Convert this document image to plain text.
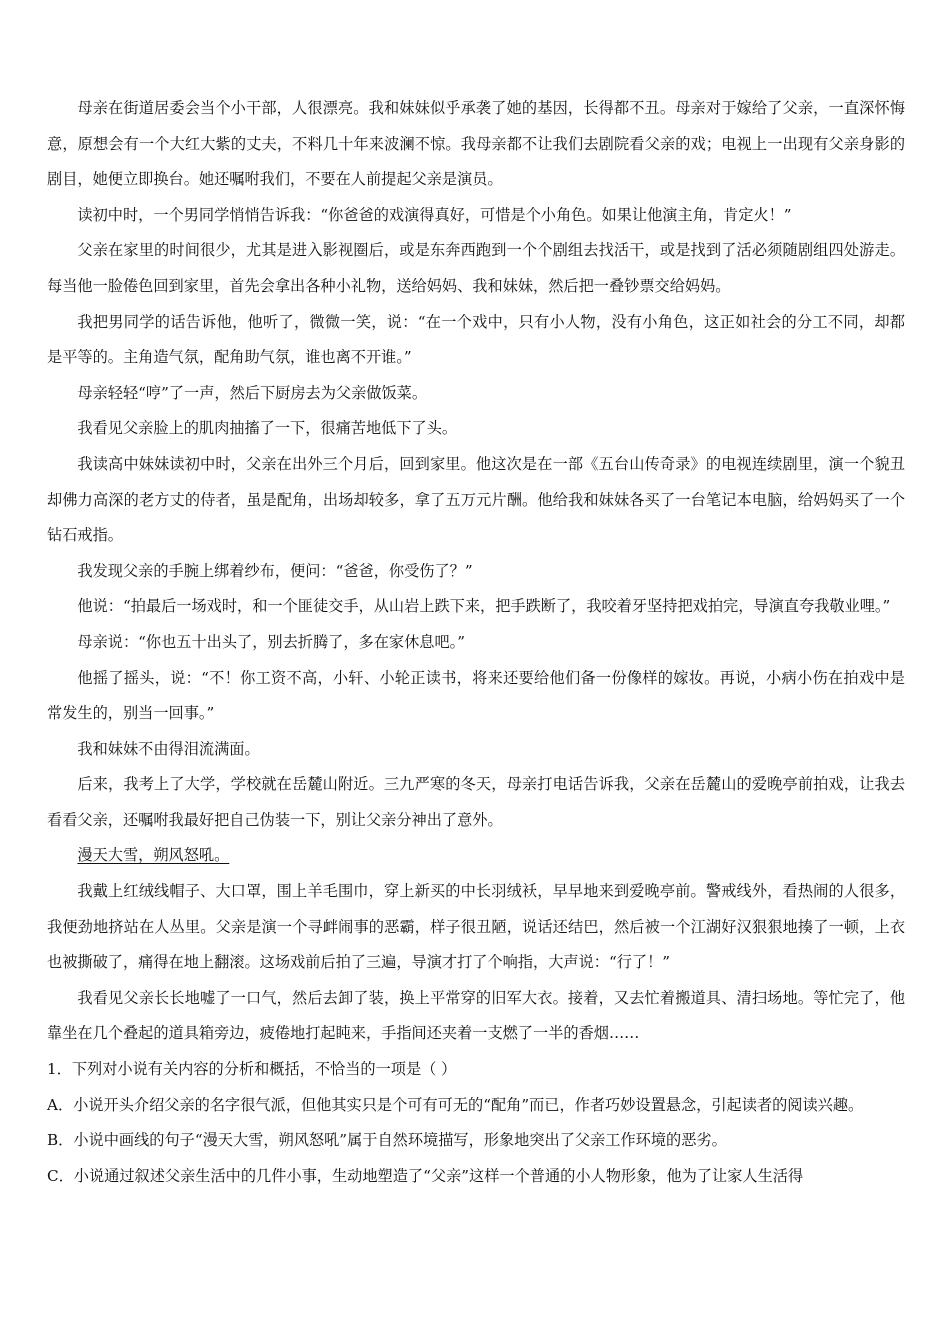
母亲在街道居委会当个小干部，人很漂亮。我和妹妹似乎承袭了她的基因，长得都不丑。母亲对于嫁给了父亲，一直深怀悔意，原想会有一个大红大紫的丈夫，不料几十年来波澜不惊。我母亲都不让我们去剧院看父亲的戏；电视上一出现有父亲身影的剧目，她便立即换台。她还嘱咐我们，不要在人前提起父亲是演员。

读初中时，一个男同学悄悄告诉我：“你爸爸的戏演得真好，可惜是个小角色。如果让他演主角，肯定火！”

父亲在家里的时间很少，尤其是进入影视圈后，或是东奔西跑到一个个剧组去找活干，或是找到了活必须随剧组四处游走。每当他一脸倦色回到家里，首先会拿出各种小礼物，送给妈妈、我和妹妹，然后把一叠钞票交给妈妈。

我把男同学的话告诉他，他听了，微微一笑，说：“在一个戏中，只有小人物，没有小角色，这正如社会的分工不同，却都是平等的。主角造气氛，配角助气氛，谁也离不开谁。”

母亲轻轻“哼”了一声，然后下厨房去为父亲做饭菜。

我看见父亲脸上的肌肉抽搐了一下，很痛苦地低下了头。

我读高中妹妹读初中时，父亲在出外三个月后，回到家里。他这次是在一部《五台山传奇录》的电视连续剧里，演一个貌丑却佛力高深的老方丈的侍者，虽是配角，出场却较多，拿了五万元片酬。他给我和妹妹各买了一台笔记本电脑，给妈妈买了一个钻石戒指。

我发现父亲的手腕上绑着纱布，便问：“爸爸，你受伤了？”

他说：“拍最后一场戏时，和一个匪徒交手，从山岩上跌下来，把手跌断了，我咬着牙坚持把戏拍完，导演直夸我敬业哩。”

母亲说：“你也五十出头了，别去折腾了，多在家休息吧。”

他摇了摇头，说：“不！你工资不高，小轩、小轮正读书，将来还要给他们备一份像样的嫁妆。再说，小病小伤在拍戏中是常发生的，别当一回事。”

我和妹妹不由得泪流满面。

后来，我考上了大学，学校就在岳麓山附近。三九严寒的冬天，母亲打电话告诉我，父亲在岳麓山的爱晚亭前拍戏，让我去看看父亲，还嘱咐我最好把自己伪装一下，别让父亲分神出了意外。

漫天大雪，朔风怒吼。

我戴上红绒线帽子、大口罩，围上羊毛围巾，穿上新买的中长羽绒袄，早早地来到爱晚亭前。警戒线外，看热闹的人很多，我便劲地挤站在人丛里。父亲是演一个寻衅闹事的恶霸，样子很丑陋，说话还结巴，然后被一个江湖好汉狠狠地揍了一顿，上衣也被撕破了，痛得在地上翻滚。这场戏前后拍了三遍，导演才打了个响指，大声说：“行了！”

我看见父亲长长地嘘了一口气，然后去卸了装，换上平常穿的旧军大衣。接着，又去忙着搬道具、清扫场地。等忙完了，他靠坐在几个叠起的道具箱旁边，疲倦地打起盹来，手指间还夹着一支燃了一半的香烟……

1．下列对小说有关内容的分析和概括，不恰当的一项是（ ）

A．小说开头介绍父亲的名字很气派，但他其实只是个可有可无的“配角”而已，作者巧妙设置悬念，引起读者的阅读兴趣。

B．小说中画线的句子“漫天大雪，朔风怒吼”属于自然环境描写，形象地突出了父亲工作环境的恶劣。

C．小说通过叙述父亲生活中的几件小事，生动地塑造了“父亲”这样一个普通的小人物形象，他为了让家人生活得
